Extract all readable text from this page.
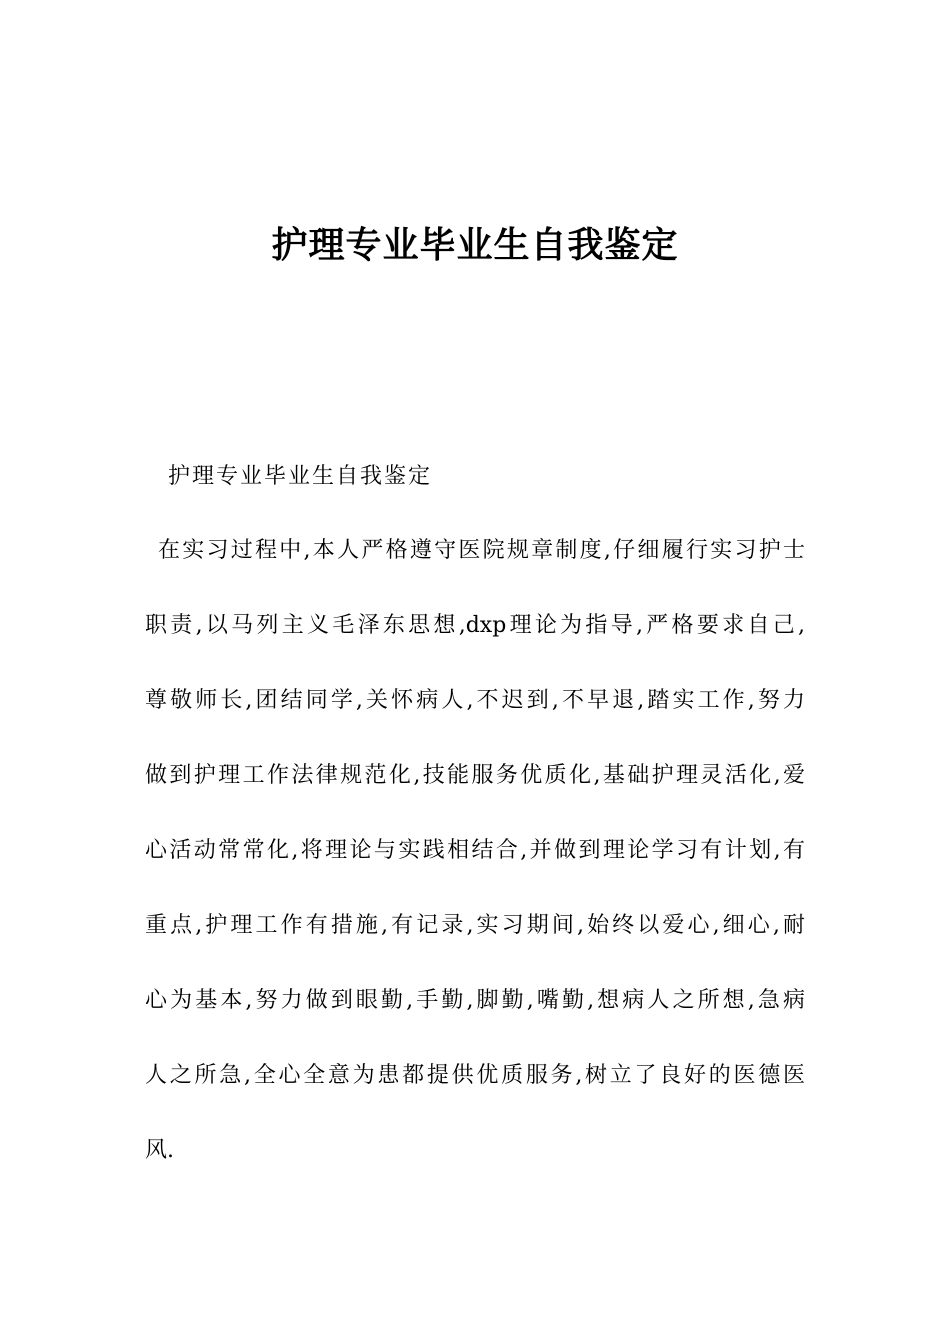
护理专业毕业生自我鉴定
护理专业毕业生自我鉴定
在实习过程中,本人严格遵守医院规章制度,仔细履行实习护士
职责,以马列主义毛泽东思想,dxp理论为指导,严格要求自己,
尊敬师长,团结同学,关怀病人,不迟到,不早退,踏实工作,努力
做到护理工作法律规范化,技能服务优质化,基础护理灵活化,爱
心活动常常化,将理论与实践相结合,并做到理论学习有计划,有
重点,护理工作有措施,有记录,实习期间,始终以爱心,细心,耐
心为基本,努力做到眼勤,手勤,脚勤,嘴勤,想病人之所想,急病
人之所急,全心全意为患都提供优质服务,树立了良好的医德医
风.
